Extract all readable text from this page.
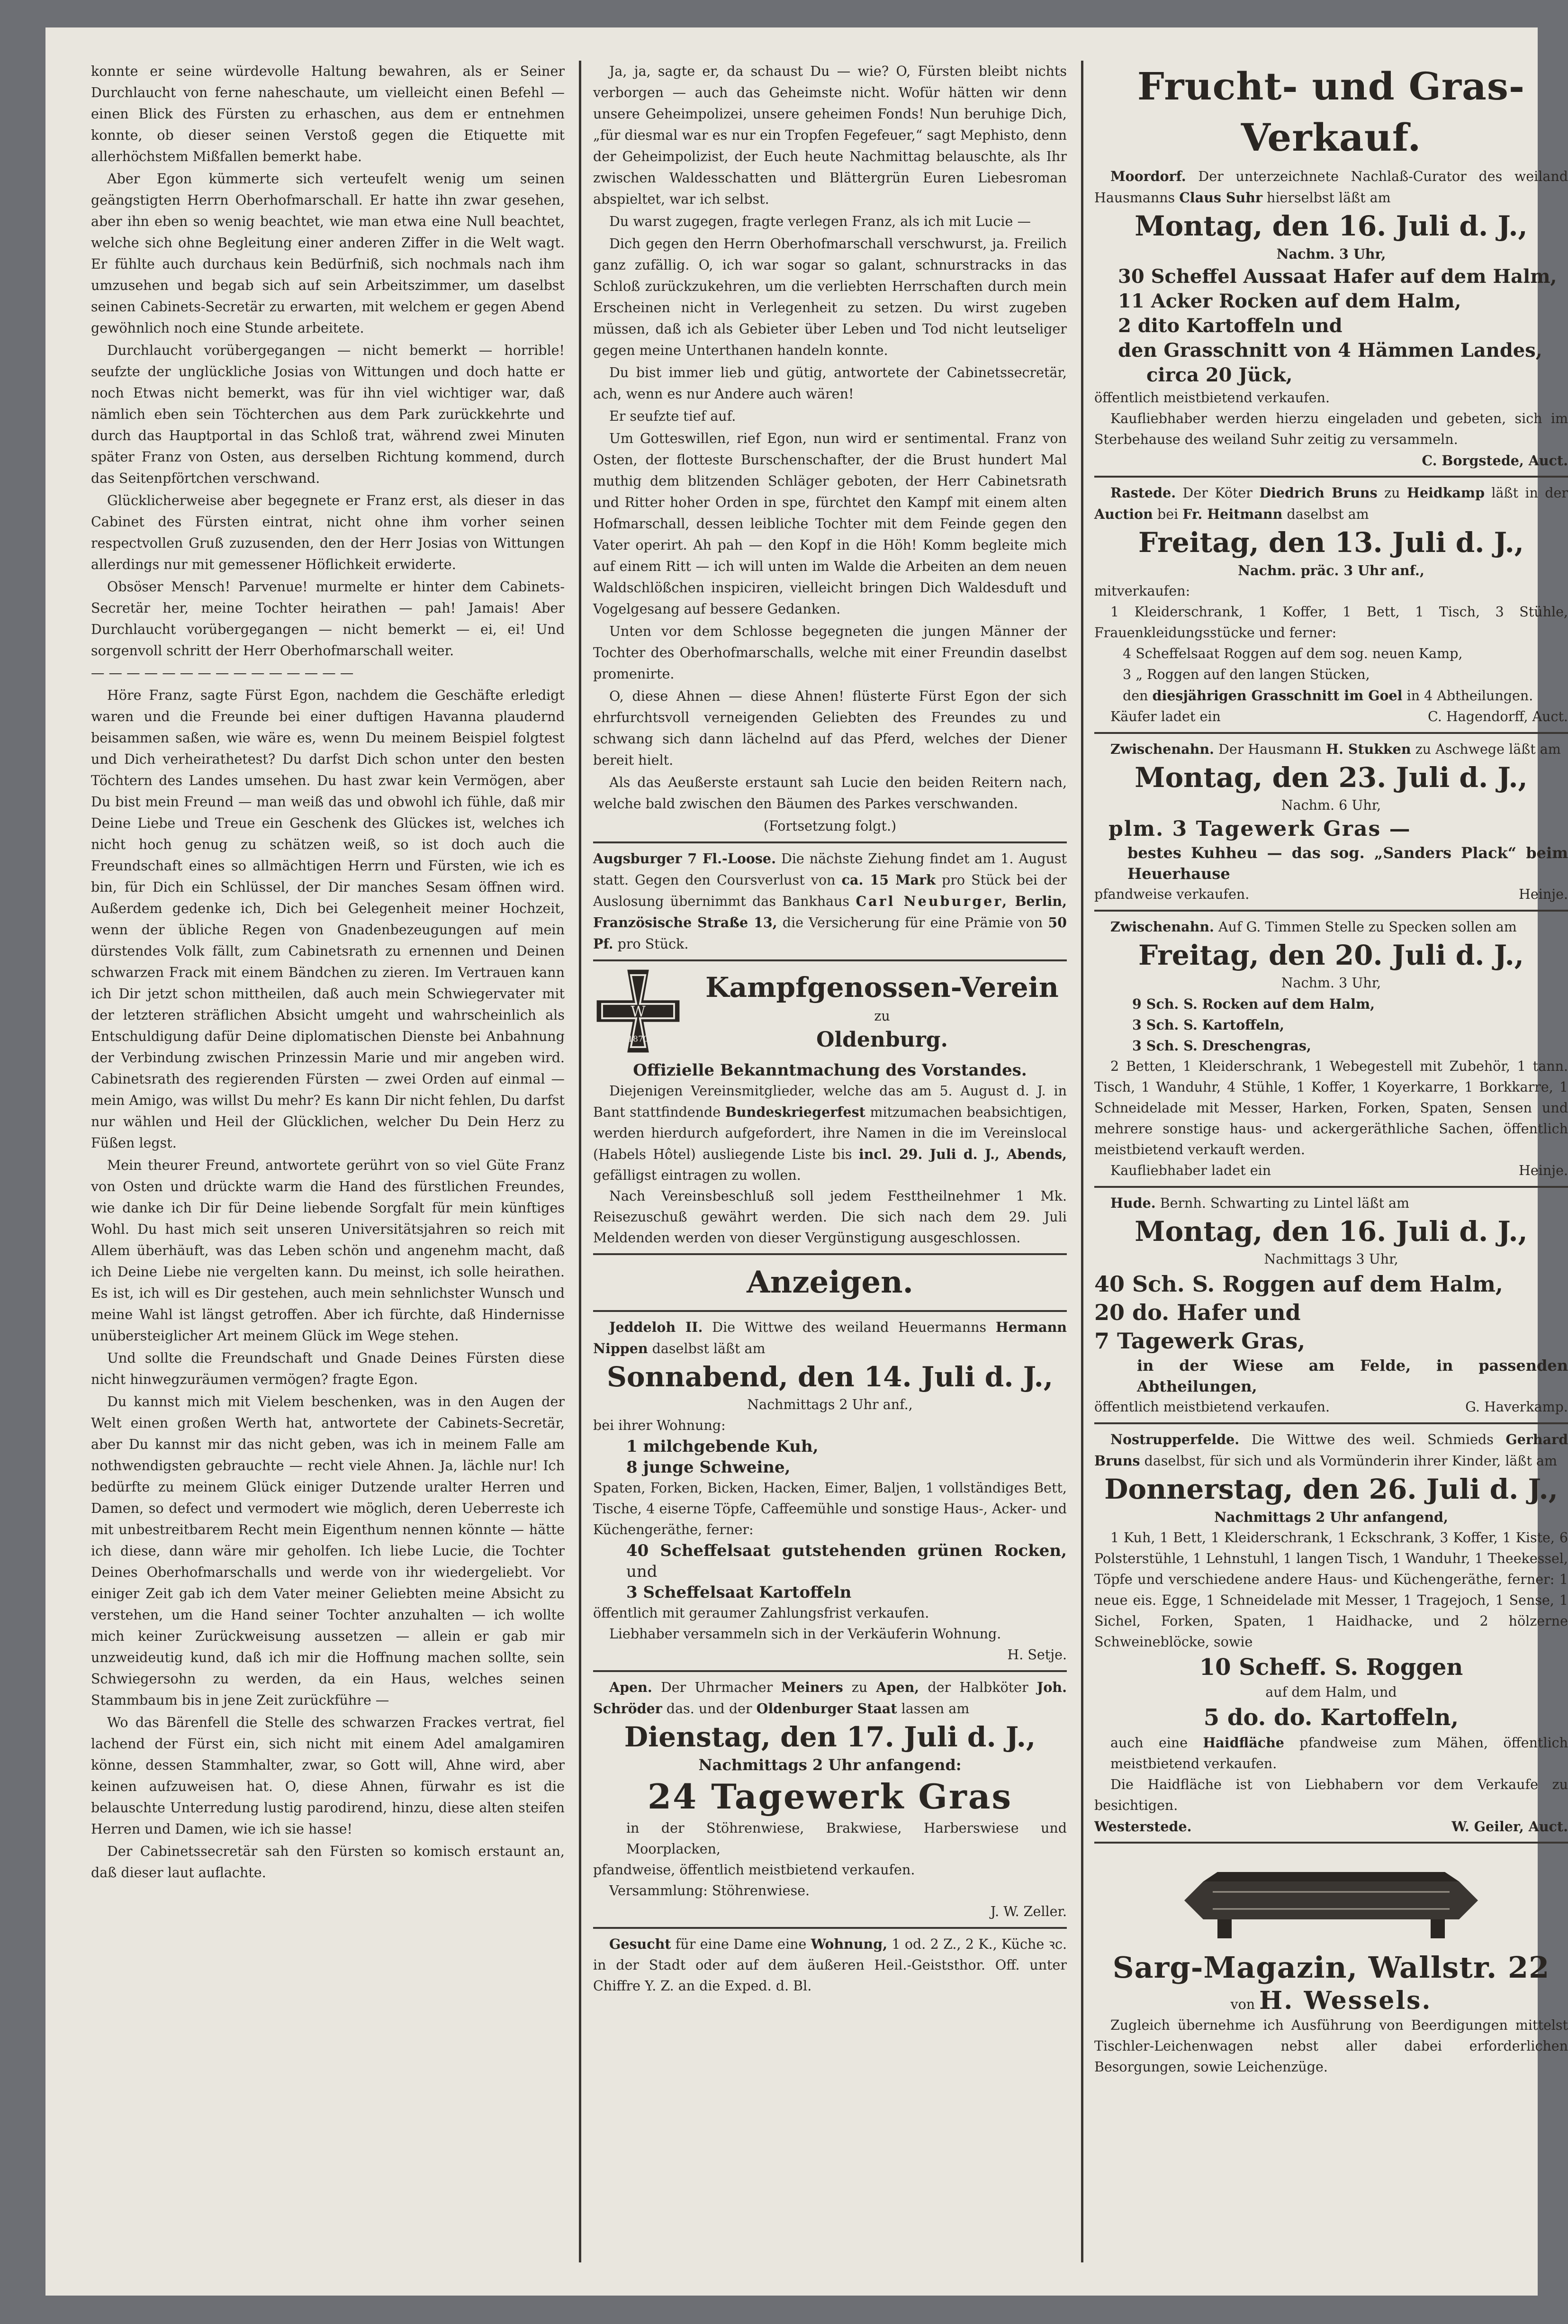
konnte er seine würdevolle Haltung bewahren, als er Seiner Durchlaucht von ferne naheschaute, um vielleicht einen Befehl — einen Blick des Fürsten zu erhaschen, aus dem er entnehmen konnte, ob dieser seinen Verstoß gegen die Etiquette mit allerhöchstem Mißfallen bemerkt habe.

Aber Egon kümmerte sich verteufelt wenig um seinen geängstigten Herrn Oberhofmarschall. Er hatte ihn zwar gesehen, aber ihn eben so wenig beachtet, wie man etwa eine Null beachtet, welche sich ohne Begleitung einer anderen Ziffer in die Welt wagt. Er fühlte auch durchaus kein Bedürfniß, sich nochmals nach ihm umzusehen und begab sich auf sein Arbeitszimmer, um daselbst seinen Cabinets-Secretär zu erwarten, mit welchem er gegen Abend gewöhnlich noch eine Stunde arbeitete.

Durchlaucht vorübergegangen — nicht bemerkt — horrible! seufzte der unglückliche Josias von Wittungen und doch hatte er noch Etwas nicht bemerkt, was für ihn viel wichtiger war, daß nämlich eben sein Töchterchen aus dem Park zurückkehrte und durch das Hauptportal in das Schloß trat, während zwei Minuten später Franz von Osten, aus derselben Richtung kommend, durch das Seitenpförtchen verschwand.

Glücklicherweise aber begegnete er Franz erst, als dieser in das Cabinet des Fürsten eintrat, nicht ohne ihm vorher seinen respectvollen Gruß zuzusenden, den der Herr Josias von Wittungen allerdings nur mit gemessener Höflichkeit erwiderte.

Obsöser Mensch! Parvenue! murmelte er hinter dem Cabinets-Secretär her, meine Tochter heirathen — pah! Jamais! Aber Durchlaucht vorübergegangen — nicht bemerkt — ei, ei! Und sorgenvoll schritt der Herr Oberhofmarschall weiter.

— — — — — — — — — — — — — — —

Höre Franz, sagte Fürst Egon, nachdem die Geschäfte erledigt waren und die Freunde bei einer duftigen Havanna plaudernd beisammen saßen, wie wäre es, wenn Du meinem Beispiel folgtest und Dich verheirathetest? Du darfst Dich schon unter den besten Töchtern des Landes umsehen. Du hast zwar kein Vermögen, aber Du bist mein Freund — man weiß das und obwohl ich fühle, daß mir Deine Liebe und Treue ein Geschenk des Glückes ist, welches ich nicht hoch genug zu schätzen weiß, so ist doch auch die Freundschaft eines so allmächtigen Herrn und Fürsten, wie ich es bin, für Dich ein Schlüssel, der Dir manches Sesam öffnen wird. Außerdem gedenke ich, Dich bei Gelegenheit meiner Hochzeit, wenn der übliche Regen von Gnadenbezeugungen auf mein dürstendes Volk fällt, zum Cabinetsrath zu ernennen und Deinen schwarzen Frack mit einem Bändchen zu zieren. Im Vertrauen kann ich Dir jetzt schon mittheilen, daß auch mein Schwiegervater mit der letzteren sträflichen Absicht umgeht und wahrscheinlich als Entschuldigung dafür Deine diplomatischen Dienste bei Anbahnung der Verbindung zwischen Prinzessin Marie und mir angeben wird. Cabinetsrath des regierenden Fürsten — zwei Orden auf einmal — mein Amigo, was willst Du mehr? Es kann Dir nicht fehlen, Du darfst nur wählen und Heil der Glücklichen, welcher Du Dein Herz zu Füßen legst.

Mein theurer Freund, antwortete gerührt von so viel Güte Franz von Osten und drückte warm die Hand des fürstlichen Freundes, wie danke ich Dir für Deine liebende Sorgfalt für mein künftiges Wohl. Du hast mich seit unseren Universitätsjahren so reich mit Allem überhäuft, was das Leben schön und angenehm macht, daß ich Deine Liebe nie vergelten kann. Du meinst, ich solle heirathen. Es ist, ich will es Dir gestehen, auch mein sehnlichster Wunsch und meine Wahl ist längst getroffen. Aber ich fürchte, daß Hindernisse unübersteiglicher Art meinem Glück im Wege stehen.

Und sollte die Freundschaft und Gnade Deines Fürsten diese nicht hinwegzuräumen vermögen? fragte Egon.

Du kannst mich mit Vielem beschenken, was in den Augen der Welt einen großen Werth hat, antwortete der Cabinets-Secretär, aber Du kannst mir das nicht geben, was ich in meinem Falle am nothwendigsten gebrauchte — recht viele Ahnen. Ja, lächle nur! Ich bedürfte zu meinem Glück einiger Dutzende uralter Herren und Damen, so defect und vermodert wie möglich, deren Ueberreste ich mit unbestreitbarem Recht mein Eigenthum nennen könnte — hätte ich diese, dann wäre mir geholfen. Ich liebe Lucie, die Tochter Deines Oberhofmarschalls und werde von ihr wiedergeliebt. Vor einiger Zeit gab ich dem Vater meiner Geliebten meine Absicht zu verstehen, um die Hand seiner Tochter anzuhalten — ich wollte mich keiner Zurückweisung aussetzen — allein er gab mir unzweideutig kund, daß ich mir die Hoffnung machen sollte, sein Schwiegersohn zu werden, da ein Haus, welches seinen Stammbaum bis in jene Zeit zurückführe —

Wo das Bärenfell die Stelle des schwarzen Frackes vertrat, fiel lachend der Fürst ein, sich nicht mit einem Adel amalgamiren könne, dessen Stammhalter, zwar, so Gott will, Ahne wird, aber keinen aufzuweisen hat. O, diese Ahnen, fürwahr es ist die belauschte Unterredung lustig parodirend, hinzu, diese alten steifen Herren und Damen, wie ich sie hasse!

Der Cabinetssecretär sah den Fürsten so komisch erstaunt an, daß dieser laut auflachte.

Ja, ja, sagte er, da schaust Du — wie? O, Fürsten bleibt nichts verborgen — auch das Geheimste nicht. Wofür hätten wir denn unsere Geheimpolizei, unsere geheimen Fonds! Nun beruhige Dich, „für diesmal war es nur ein Tropfen Fegefeuer,“ sagt Mephisto, denn der Geheimpolizist, der Euch heute Nachmittag belauschte, als Ihr zwischen Waldesschatten und Blättergrün Euren Liebesroman abspieltet, war ich selbst.

Du warst zugegen, fragte verlegen Franz, als ich mit Lucie —

Dich gegen den Herrn Oberhofmarschall verschwurst, ja. Freilich ganz zufällig. O, ich war sogar so galant, schnurstracks in das Schloß zurückzukehren, um die verliebten Herrschaften durch mein Erscheinen nicht in Verlegenheit zu setzen. Du wirst zugeben müssen, daß ich als Gebieter über Leben und Tod nicht leutseliger gegen meine Unterthanen handeln konnte.

Du bist immer lieb und gütig, antwortete der Cabinetssecretär, ach, wenn es nur Andere auch wären!

Er seufzte tief auf.

Um Gotteswillen, rief Egon, nun wird er sentimental. Franz von Osten, der flotteste Burschenschafter, der die Brust hundert Mal muthig dem blitzenden Schläger geboten, der Herr Cabinetsrath und Ritter hoher Orden in spe, fürchtet den Kampf mit einem alten Hofmarschall, dessen leibliche Tochter mit dem Feinde gegen den Vater operirt. Ah pah — den Kopf in die Höh! Komm begleite mich auf einem Ritt — ich will unten im Walde die Arbeiten an dem neuen Waldschlößchen inspiciren, vielleicht bringen Dich Waldesduft und Vogelgesang auf bessere Gedanken.

Unten vor dem Schlosse begegneten die jungen Männer der Tochter des Oberhofmarschalls, welche mit einer Freundin daselbst promenirte.

O, diese Ahnen — diese Ahnen! flüsterte Fürst Egon der sich ehrfurchtsvoll verneigenden Geliebten des Freundes zu und schwang sich dann lächelnd auf das Pferd, welches der Diener bereit hielt.

Als das Aeußerste erstaunt sah Lucie den beiden Reitern nach, welche bald zwischen den Bäumen des Parkes verschwanden.

(Fortsetzung folgt.)

Augsburger 7 Fl.-Loose. Die nächste Ziehung findet am 1. August statt. Gegen den Coursverlust von ca. 15 Mark pro Stück bei der Auslosung übernimmt das Bankhaus Carl Neuburger, Berlin, Französische Straße 13, die Versicherung für eine Prämie von 50 Pf. pro Stück.
W
1870
Kampfgenossen-Verein
zu
Oldenburg.
Offizielle Bekanntmachung des Vorstandes.

Diejenigen Vereinsmitglieder, welche das am 5. August d. J. in Bant stattfindende Bundeskriegerfest mitzumachen beabsichtigen, werden hierdurch aufgefordert, ihre Namen in die im Vereinslocal (Habels Hôtel) ausliegende Liste bis incl. 29. Juli d. J., Abends, gefälligst eintragen zu wollen.

Nach Vereinsbeschluß soll jedem Festtheilnehmer 1 Mk. Reisezuschuß gewährt werden. Die sich nach dem 29. Juli Meldenden werden von dieser Vergünstigung ausgeschlossen.

Anzeigen.

Jeddeloh II. Die Wittwe des weiland Heuermanns Hermann Nippen daselbst läßt am

Sonnabend, den 14. Juli d. J.,
Nachmittags 2 Uhr anf.,
bei ihrer Wohnung:
1 milchgebende Kuh,
8 junge Schweine,
Spaten, Forken, Bicken, Hacken, Eimer, Baljen, 1 vollständiges Bett, Tische, 4 eiserne Töpfe, Caffeemühle und sonstige Haus-, Acker- und Küchengeräthe, ferner:
40 Scheffelsaat gutstehenden grünen Rocken, und
3 Scheffelsaat Kartoffeln
öffentlich mit geraumer Zahlungsfrist verkaufen.
Liebhaber versammeln sich in der Verkäuferin Wohnung.
H. Setje.

Apen. Der Uhrmacher Meiners zu Apen, der Halbköter Joh. Schröder das. und der Oldenburger Staat lassen am

Dienstag, den 17. Juli d. J.,
Nachmittags 2 Uhr anfangend:
24 Tagewerk Gras
in der Stöhrenwiese, Brakwiese, Harberswiese und Moorplacken,
pfandweise, öffentlich meistbietend verkaufen.
Versammlung: Stöhrenwiese.
J. W. Zeller.

Gesucht für eine Dame eine Wohnung, 1 od. 2 Z., 2 K., Küche ꝛc. in der Stadt oder auf dem äußeren Heil.-Geiststhor. Off. unter Chiffre Y. Z. an die Exped. d. Bl.

Frucht- und Gras-Verkauf.

Moordorf. Der unterzeichnete Nachlaß-Curator des weiland Hausmanns Claus Suhr hierselbst läßt am

Montag, den 16. Juli d. J.,
Nachm. 3 Uhr,
30 Scheffel Aussaat Hafer auf dem Halm,
11 Acker Rocken auf dem Halm,
2 dito Kartoffeln und
den Grasschnitt von 4 Hämmen Landes,
circa 20 Jück,
öffentlich meistbietend verkaufen.

Kaufliebhaber werden hierzu eingeladen und gebeten, sich im Sterbehause des weiland Suhr zeitig zu versammeln.

C. Borgstede, Auct.

Rastede. Der Köter Diedrich Bruns zu Heidkamp läßt in der Auction bei Fr. Heitmann daselbst am

Freitag, den 13. Juli d. J.,
Nachm. präc. 3 Uhr anf.,
mitverkaufen:

1 Kleiderschrank, 1 Koffer, 1 Bett, 1 Tisch, 3 Stühle, Frauenkleidungsstücke und ferner:

4 Scheffelsaat Roggen auf dem sog. neuen Kamp,
3 „ Roggen auf den langen Stücken,
den diesjährigen Grasschnitt im Goel in 4 Abtheilungen.
Käufer ladet ein	C. Hagendorff, Auct.

Zwischenahn. Der Hausmann H. Stukken zu Aschwege läßt am

Montag, den 23. Juli d. J.,
Nachm. 6 Uhr,
plm. 3 Tagewerk Gras —
bestes Kuhheu — das sog. „Sanders Plack“ beim Heuerhause
pfandweise verkaufen.	Heinje.

Zwischenahn. Auf G. Timmen Stelle zu Specken sollen am

Freitag, den 20. Juli d. J.,
Nachm. 3 Uhr,
9 Sch. S. Rocken auf dem Halm,
3 Sch. S. Kartoffeln,
3 Sch. S. Dreschengras,

2 Betten, 1 Kleiderschrank, 1 Webegestell mit Zubehör, 1 tann. Tisch, 1 Wanduhr, 4 Stühle, 1 Koffer, 1 Koyerkarre, 1 Borkkarre, 1 Schneidelade mit Messer, Harken, Forken, Spaten, Sensen und mehrere sonstige haus- und ackergeräthliche Sachen, öffentlich meistbietend verkauft werden.

Kaufliebhaber ladet ein	Heinje.

Hude. Bernh. Schwarting zu Lintel läßt am

Montag, den 16. Juli d. J.,
Nachmittags 3 Uhr,
40 Sch. S. Roggen auf dem Halm,
20 do. Hafer und
7 Tagewerk Gras,
in der Wiese am Felde, in passenden Abtheilungen,
öffentlich meistbietend verkaufen.	G. Haverkamp.

Nostrupperfelde. Die Wittwe des weil. Schmieds Gerhard Bruns daselbst, für sich und als Vormünderin ihrer Kinder, läßt am

Donnerstag, den 26. Juli d. J.,
Nachmittags 2 Uhr anfangend,

1 Kuh, 1 Bett, 1 Kleiderschrank, 1 Eckschrank, 3 Koffer, 1 Kiste, 6 Polsterstühle, 1 Lehnstuhl, 1 langen Tisch, 1 Wanduhr, 1 Theekessel, Töpfe und verschiedene andere Haus- und Küchengeräthe, ferner: 1 neue eis. Egge, 1 Schneidelade mit Messer, 1 Tragejoch, 1 Sense, 1 Sichel, Forken, Spaten, 1 Haidhacke, und 2 hölzerne Schweineblöcke, sowie

10 Scheff. S. Roggen
auf dem Halm, und
5 do. do. Kartoffeln,
auch eine Haidfläche pfandweise zum Mähen, öffentlich meistbietend verkaufen.

Die Haidfläche ist von Liebhabern vor dem Verkaufe zu besichtigen.

Westerstede.	W. Geiler, Auct.
Sarg-Magazin, Wallstr. 22
von H. Wessels.

Zugleich übernehme ich Ausführung von Beerdigungen mittelst Tischler-Leichenwagen nebst aller dabei erforderlichen Besorgungen, sowie Leichenzüge.
